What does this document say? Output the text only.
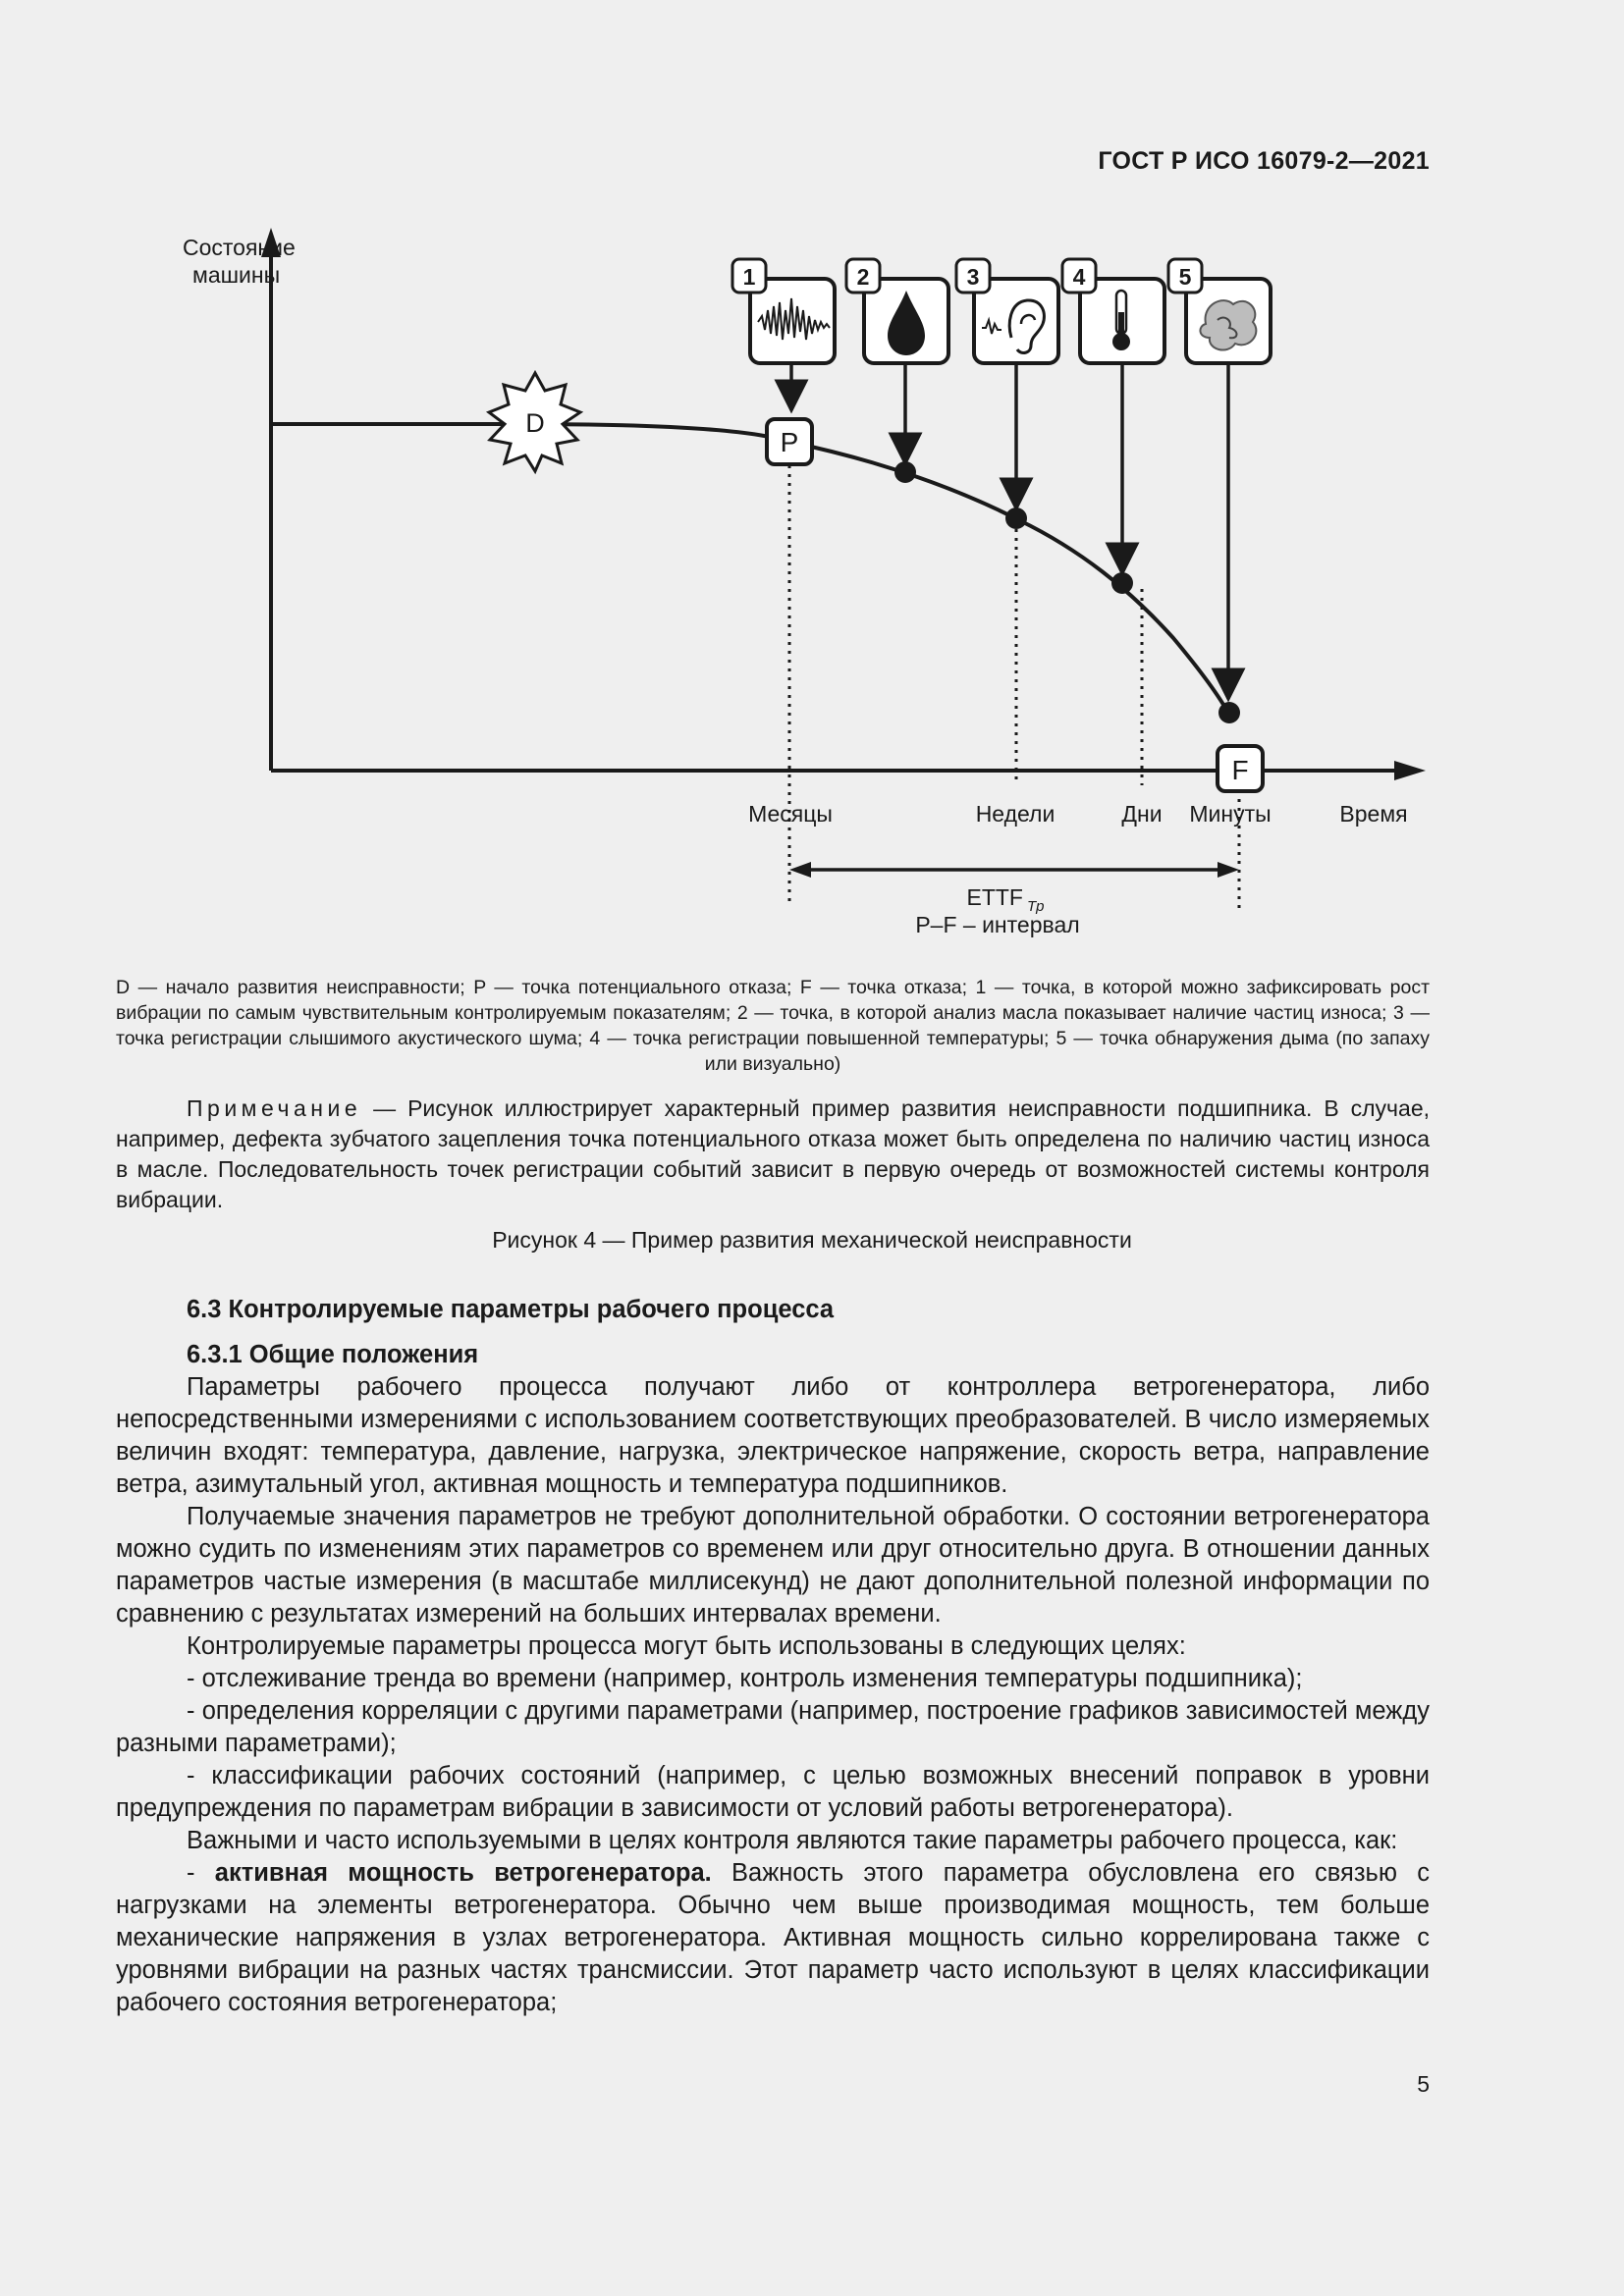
ГОСТ Р ИСО 16079-2—2021
Состояние
машины
D
1	2	3	4	5
P
F
Месяцы	Недели	Дни Минуты	Время
ETTF $_{Tp}$
P–F – интервал
D — начало развития неисправности; P — точка потенциального отказа; F — точка отказа; 1 — точка, в которой можно зафиксировать рост вибрации по самым чувствительным контролируемым показателям; 2 — точка, в которой анализ масла показывает наличие частиц износа; 3 — точка регистрации слышимого акустического шума; 4 — точка регистрации повышенной температуры; 5 — точка обнаружения дыма (по запаху или визуально)
Примечание — Рисунок иллюстрирует характерный пример развития неисправности подшипника. В случае, например, дефекта зубчатого зацепления точка потенциального отказа может быть определена по наличию частиц износа в масле. Последовательность точек регистрации событий зависит в первую очередь от возможностей системы контроля вибрации.
Рисунок 4 — Пример развития механической неисправности
6.3 Контролируемые параметры рабочего процесса
6.3.1 Общие положения

Параметры рабочего процесса получают либо от контроллера ветрогенератора, либо непосредственными измерениями с использованием соответствующих преобразователей. В число измеряемых величин входят: температура, давление, нагрузка, электрическое напряжение, скорость ветра, направление ветра, азимутальный угол, активная мощность и температура подшипников.

Получаемые значения параметров не требуют дополнительной обработки. О состоянии ветрогенератора можно судить по изменениям этих параметров со временем или друг относительно друга. В отношении данных параметров частые измерения (в масштабе миллисекунд) не дают дополнительной полезной информации по сравнению с результатах измерений на больших интервалах времени.

Контролируемые параметры процесса могут быть использованы в следующих целях:

- отслеживание тренда во времени (например, контроль изменения температуры подшипника);

- определения корреляции с другими параметрами (например, построение графиков зависимостей между разными параметрами);

- классификации рабочих состояний (например, с целью возможных внесений поправок в уровни предупреждения по параметрам вибрации в зависимости от условий работы ветрогенератора).

Важными и часто используемыми в целях контроля являются такие параметры рабочего процесса, как:

- активная мощность ветрогенератора. Важность этого параметра обусловлена его связью с нагрузками на элементы ветрогенератора. Обычно чем выше производимая мощность, тем больше механические напряжения в узлах ветрогенератора. Активная мощность сильно коррелирована также с уровнями вибрации на разных частях трансмиссии. Этот параметр часто используют в целях классификации рабочего состояния ветрогенератора;

5
